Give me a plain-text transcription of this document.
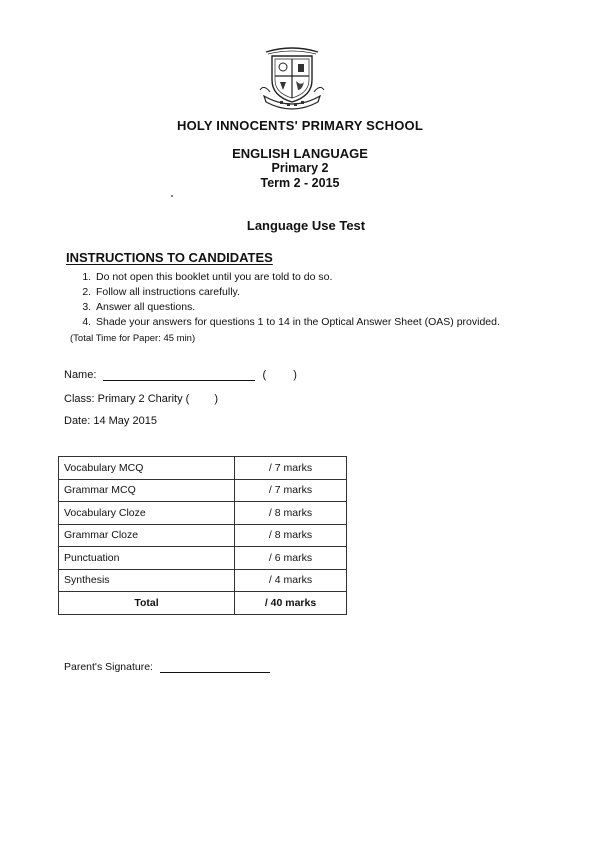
HOLY INNOCENTS' PRIMARY SCHOOL
ENGLISH LANGUAGE
Primary 2
Term 2 - 2015
Language Use Test
INSTRUCTIONS TO CANDIDATES
1. Do not open this booklet until you are told to do so.
2. Follow all instructions carefully.
3. Answer all questions.
4. Shade your answers for questions 1 to 14 in the Optical Answer Sheet (OAS) provided.
(Total Time for Paper: 45 min)
Name:	( )
Class: Primary 2 Charity ( )
Date: 14 May 2015
Vocabulary MCQ	/ 7 marks
Grammar MCQ	/ 7 marks
Vocabulary Cloze	/ 8 marks
Grammar Cloze	/ 8 marks
Punctuation	/ 6 marks
Synthesis	/ 4 marks
Total	/ 40 marks
Parent's Signature:
